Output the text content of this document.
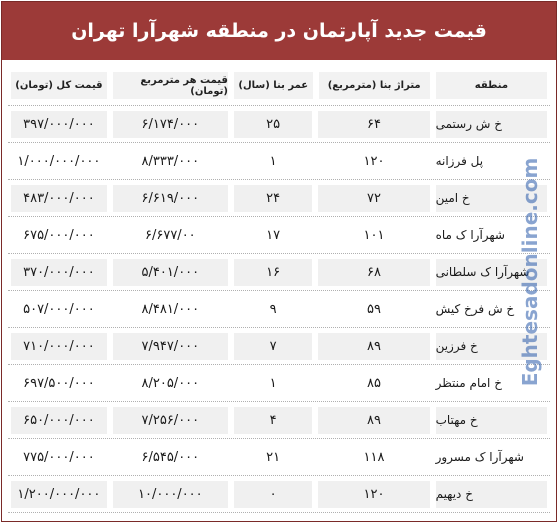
قیمت جدید آپارتمان در منطقه شهرآرا تهران
منطقه
متراژ بنا (مترمربع)
عمر بنا (سال)
قیمت هر مترمربع (تومان)
قیمت کل (تومان)
خ ش رستمی
۶۴
۲۵
۶/۱۷۴/۰۰۰
۳۹۷/۰۰۰/۰۰۰
پل فرزانه
۱۲۰
۱
۸/۳۳۳/۰۰۰
۱/۰۰۰/۰۰۰/۰۰۰
خ امین
۷۲
۲۴
۶/۶۱۹/۰۰۰
۴۸۳/۰۰۰/۰۰۰
شهرآرا ک ماه
۱۰۱
۱۷
۶/۶۷۷/۰۰
۶۷۵/۰۰۰/۰۰۰
شهرآرا ک سلطانی
۶۸
۱۶
۵/۴۰۱/۰۰۰
۳۷۰/۰۰۰/۰۰۰
خ ش فرخ کیش
۵۹
۹
۸/۴۸۱/۰۰۰
۵۰۷/۰۰۰/۰۰۰
خ فرزین
۸۹
۷
۷/۹۴۷/۰۰۰
۷۱۰/۰۰۰/۰۰۰
خ امام منتظر
۸۵
۱
۸/۲۰۵/۰۰۰
۶۹۷/۵۰۰/۰۰۰
خ مهتاب
۸۹
۴
۷/۲۵۶/۰۰۰
۶۵۰/۰۰۰/۰۰۰
شهرآرا ک مسرور
۱۱۸
۲۱
۶/۵۴۵/۰۰۰
۷۷۵/۰۰۰/۰۰۰
خ دیهیم
۱۲۰
۰
۱۰/۰۰۰/۰۰۰
۱/۲۰۰/۰۰۰/۰۰۰
Eghtesadonline.com
